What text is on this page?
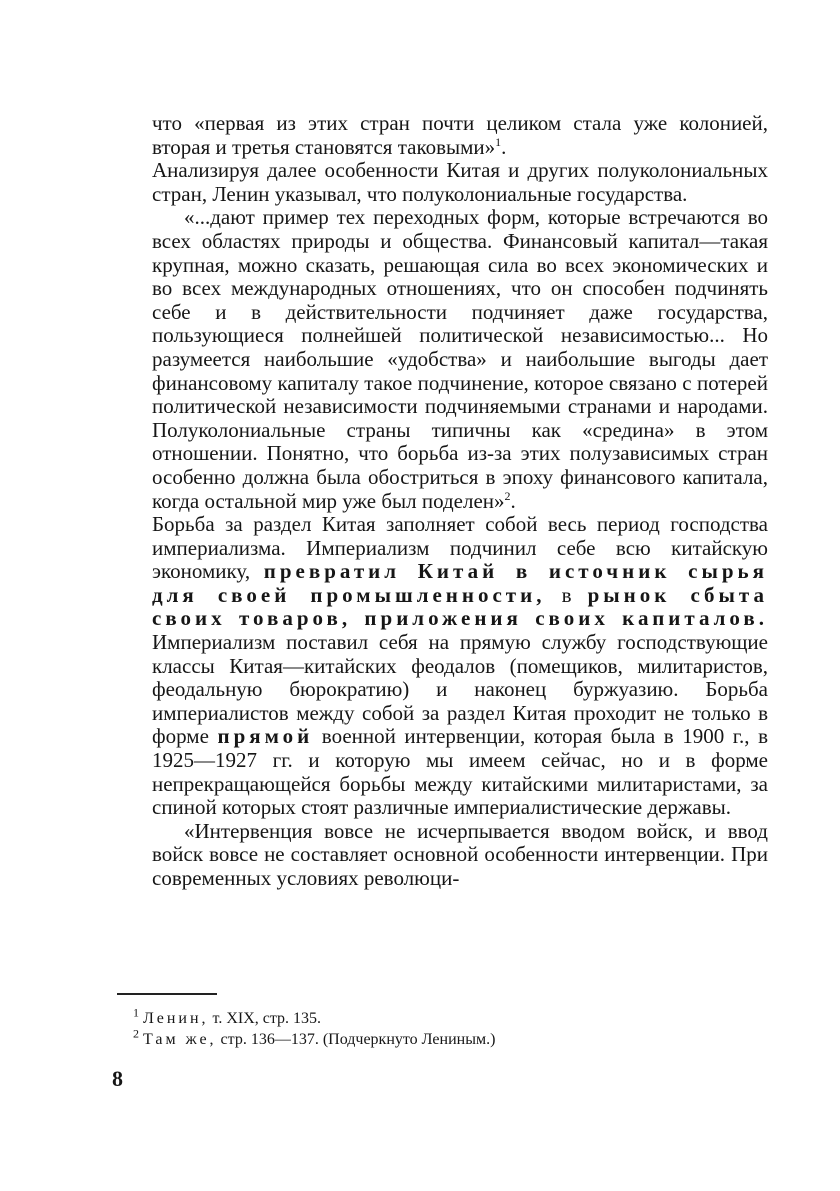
что «первая из этих стран почти целиком стала уже колонией, вторая и третья становятся таковыми»$^1$.

Анализируя далее особенности Китая и других полуколониальных стран, Ленин указывал, что полуколониальные государства.

«...дают пример тех переходных форм, которые встречаются во всех областях природы и общества. Финансовый капитал—такая крупная, можно сказать, решающая сила во всех экономических и во всех международных отношениях, что он способен подчинять себе и в действительности подчиняет даже государства, пользующиеся полнейшей политической независимостью... Но разумеется наибольшие «удобства» и наибольшие выгоды дает финансовому капиталу такое подчинение, которое связано с потерей политической независимости подчиняемыми странами и народами. Полуколониальные страны типичны как «средина» в этом отношении. Понятно, что борьба из-за этих полузависимых стран особенно должна была обостриться в эпоху финансового капитала, когда остальной мир уже был поделен»$^2$.

Борьба за раздел Китая заполняет собой весь период господства империализма. Империализм подчинил себе всю китайскую экономику, превратил Китай в источник сырья для своей промышленности, в рынок сбыта своих товаров, приложения своих капиталов. Империализм поставил себя на прямую службу господствующие классы Китая—китайских феодалов (помещиков, милитаристов, феодальную бюрократию) и наконец буржуазию. Борьба империалистов между собой за раздел Китая проходит не только в форме прямой военной интервенции, которая была в 1900 г., в 1925—1927 гг. и которую мы имеем сейчас, но и в форме непрекращающейся борьбы между китайскими милитаристами, за спиной которых стоят различные империалистические державы.

«Интервенция вовсе не исчерпывается вводом войск, и ввод войск вовсе не составляет основной особенности интервенции. При современных условиях революци-

$^1$ Ленин, т. XIX, стр. 135.

$^2$ Там же, стр. 136—137. (Подчеркнуто Лениным.)

8
